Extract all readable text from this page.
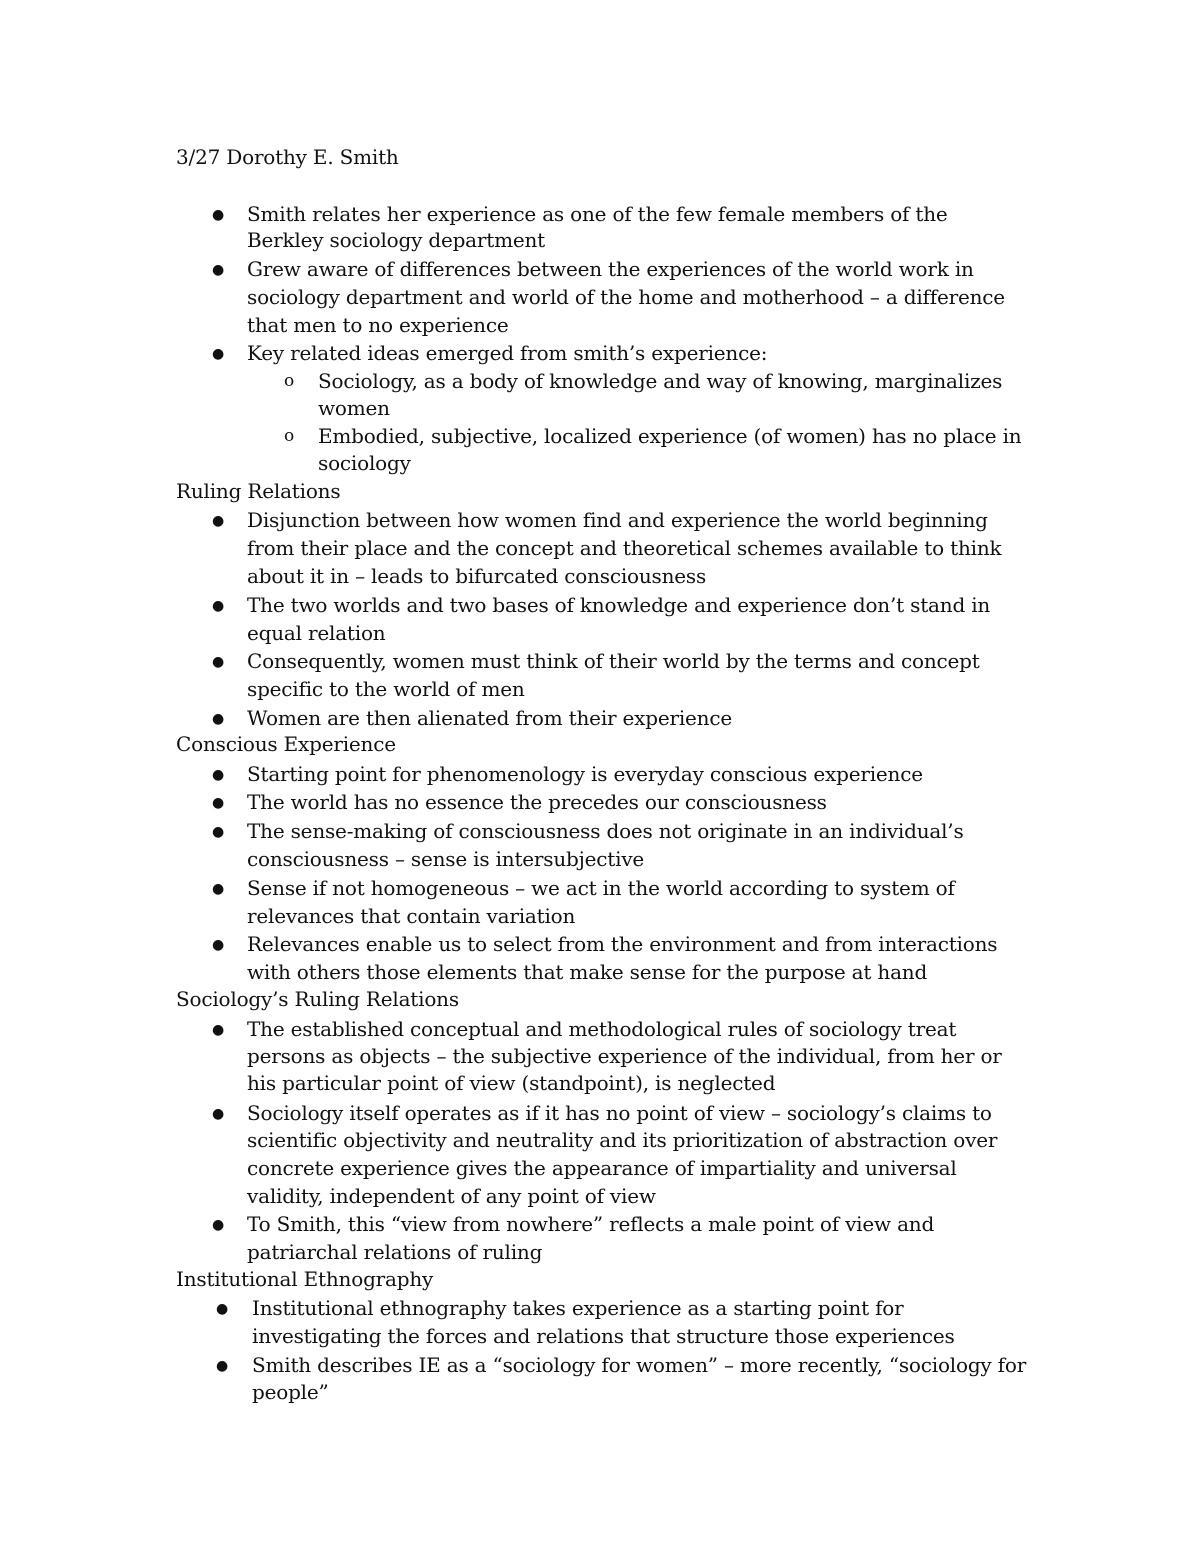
3/27 Dorothy E. Smith
● Smith relates her experience as one of the few female members of the
Berkley sociology department
● Grew aware of differences between the experiences of the world work in
sociology department and world of the home and motherhood – a difference
that men to no experience
● Key related ideas emerged from smith’s experience:
o Sociology, as a body of knowledge and way of knowing, marginalizes
women
o Embodied, subjective, localized experience (of women) has no place in
sociology
Ruling Relations
● Disjunction between how women find and experience the world beginning
from their place and the concept and theoretical schemes available to think
about it in – leads to bifurcated consciousness
● The two worlds and two bases of knowledge and experience don’t stand in
equal relation
● Consequently, women must think of their world by the terms and concept
specific to the world of men
● Women are then alienated from their experience
Conscious Experience
● Starting point for phenomenology is everyday conscious experience
● The world has no essence the precedes our consciousness
● The sense-making of consciousness does not originate in an individual’s
consciousness – sense is intersubjective
● Sense if not homogeneous – we act in the world according to system of
relevances that contain variation
● Relevances enable us to select from the environment and from interactions
with others those elements that make sense for the purpose at hand
Sociology’s Ruling Relations
● The established conceptual and methodological rules of sociology treat
persons as objects – the subjective experience of the individual, from her or
his particular point of view (standpoint), is neglected
● Sociology itself operates as if it has no point of view – sociology’s claims to
scientific objectivity and neutrality and its prioritization of abstraction over
concrete experience gives the appearance of impartiality and universal
validity, independent of any point of view
● To Smith, this “view from nowhere” reflects a male point of view and
patriarchal relations of ruling
Institutional Ethnography
● Institutional ethnography takes experience as a starting point for
investigating the forces and relations that structure those experiences
● Smith describes IE as a “sociology for women” – more recently, “sociology for
people”
